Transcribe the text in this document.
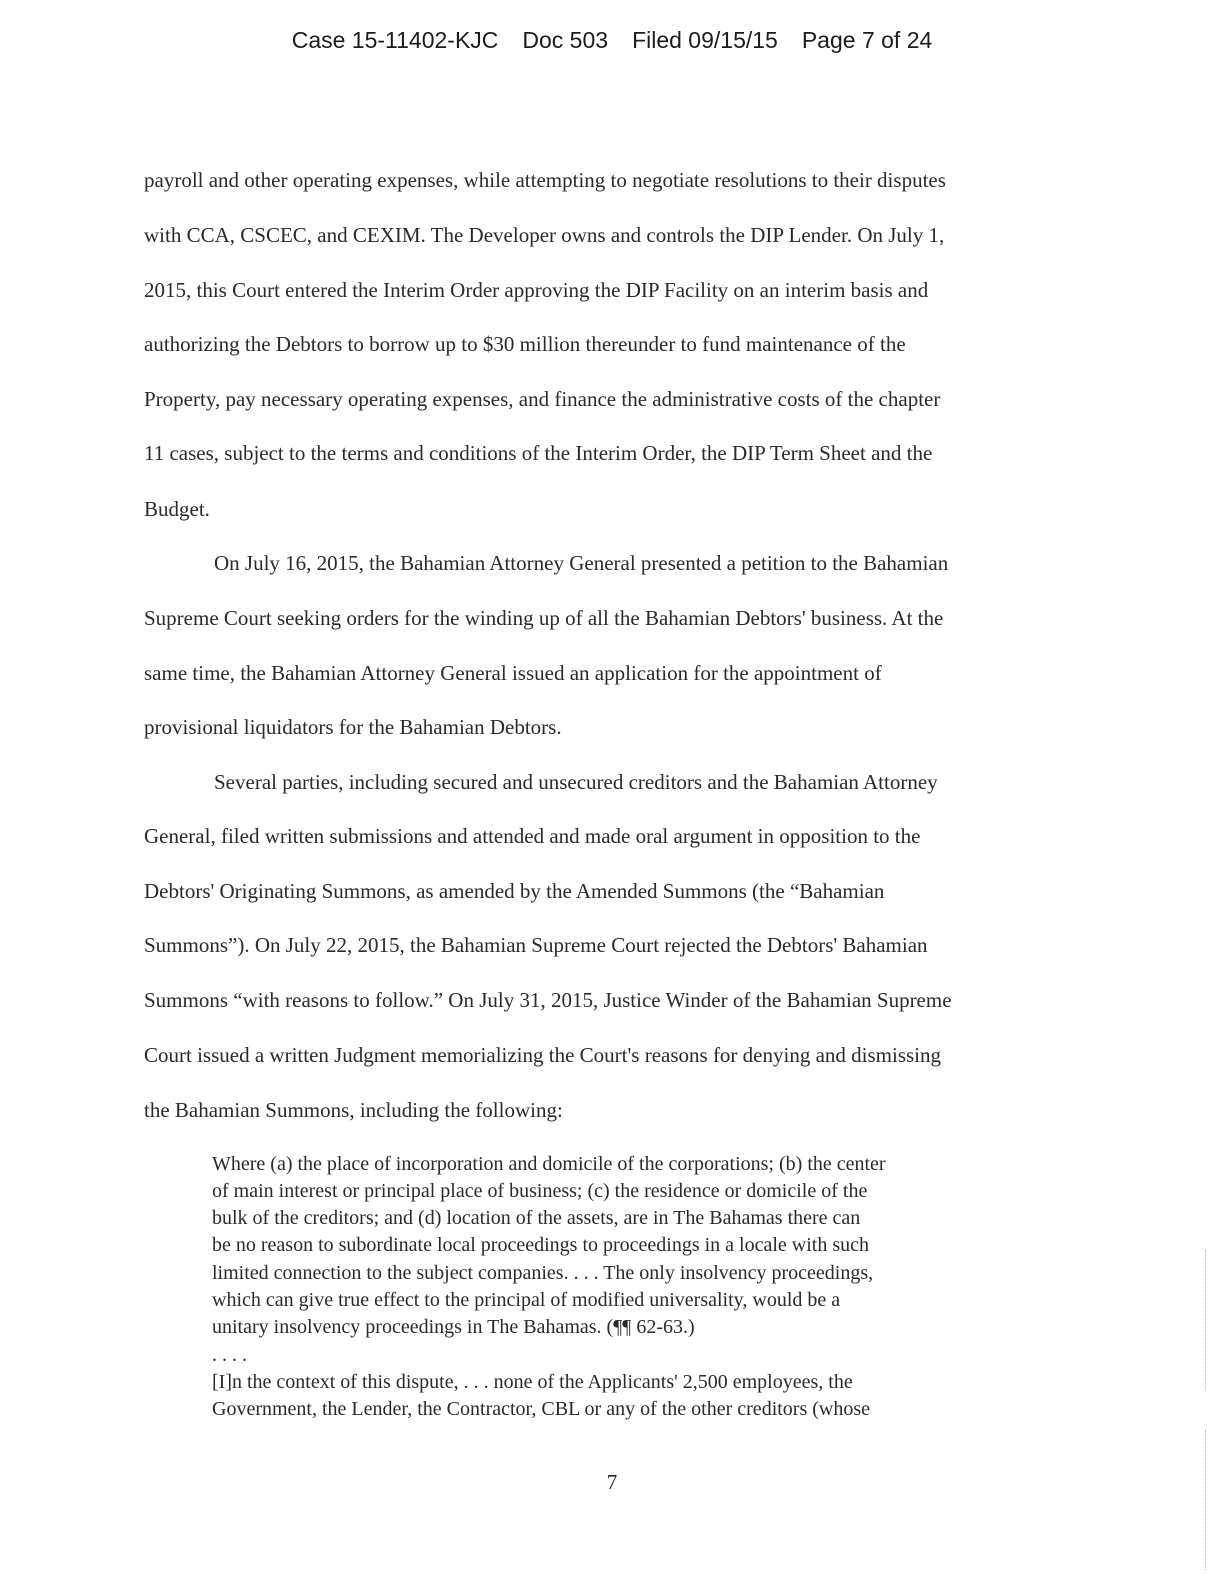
Case 15-11402-KJC Doc 503 Filed 09/15/15 Page 7 of 24
payroll and other operating expenses, while attempting to negotiate resolutions to their disputes
with CCA, CSCEC, and CEXIM. The Developer owns and controls the DIP Lender. On July 1,
2015, this Court entered the Interim Order approving the DIP Facility on an interim basis and
authorizing the Debtors to borrow up to $30 million thereunder to fund maintenance of the
Property, pay necessary operating expenses, and finance the administrative costs of the chapter
11 cases, subject to the terms and conditions of the Interim Order, the DIP Term Sheet and the
Budget.
On July 16, 2015, the Bahamian Attorney General presented a petition to the Bahamian
Supreme Court seeking orders for the winding up of all the Bahamian Debtors' business. At the
same time, the Bahamian Attorney General issued an application for the appointment of
provisional liquidators for the Bahamian Debtors.
Several parties, including secured and unsecured creditors and the Bahamian Attorney
General, filed written submissions and attended and made oral argument in opposition to the
Debtors' Originating Summons, as amended by the Amended Summons (the “Bahamian
Summons”). On July 22, 2015, the Bahamian Supreme Court rejected the Debtors' Bahamian
Summons “with reasons to follow.” On July 31, 2015, Justice Winder of the Bahamian Supreme
Court issued a written Judgment memorializing the Court's reasons for denying and dismissing
the Bahamian Summons, including the following:
Where (a) the place of incorporation and domicile of the corporations; (b) the center
of main interest or principal place of business; (c) the residence or domicile of the
bulk of the creditors; and (d) location of the assets, are in The Bahamas there can
be no reason to subordinate local proceedings to proceedings in a locale with such
limited connection to the subject companies. . . . The only insolvency proceedings,
which can give true effect to the principal of modified universality, would be a
unitary insolvency proceedings in The Bahamas. (¶¶ 62-63.)
. . . .
[I]n the context of this dispute, . . . none of the Applicants' 2,500 employees, the
Government, the Lender, the Contractor, CBL or any of the other creditors (whose
7
